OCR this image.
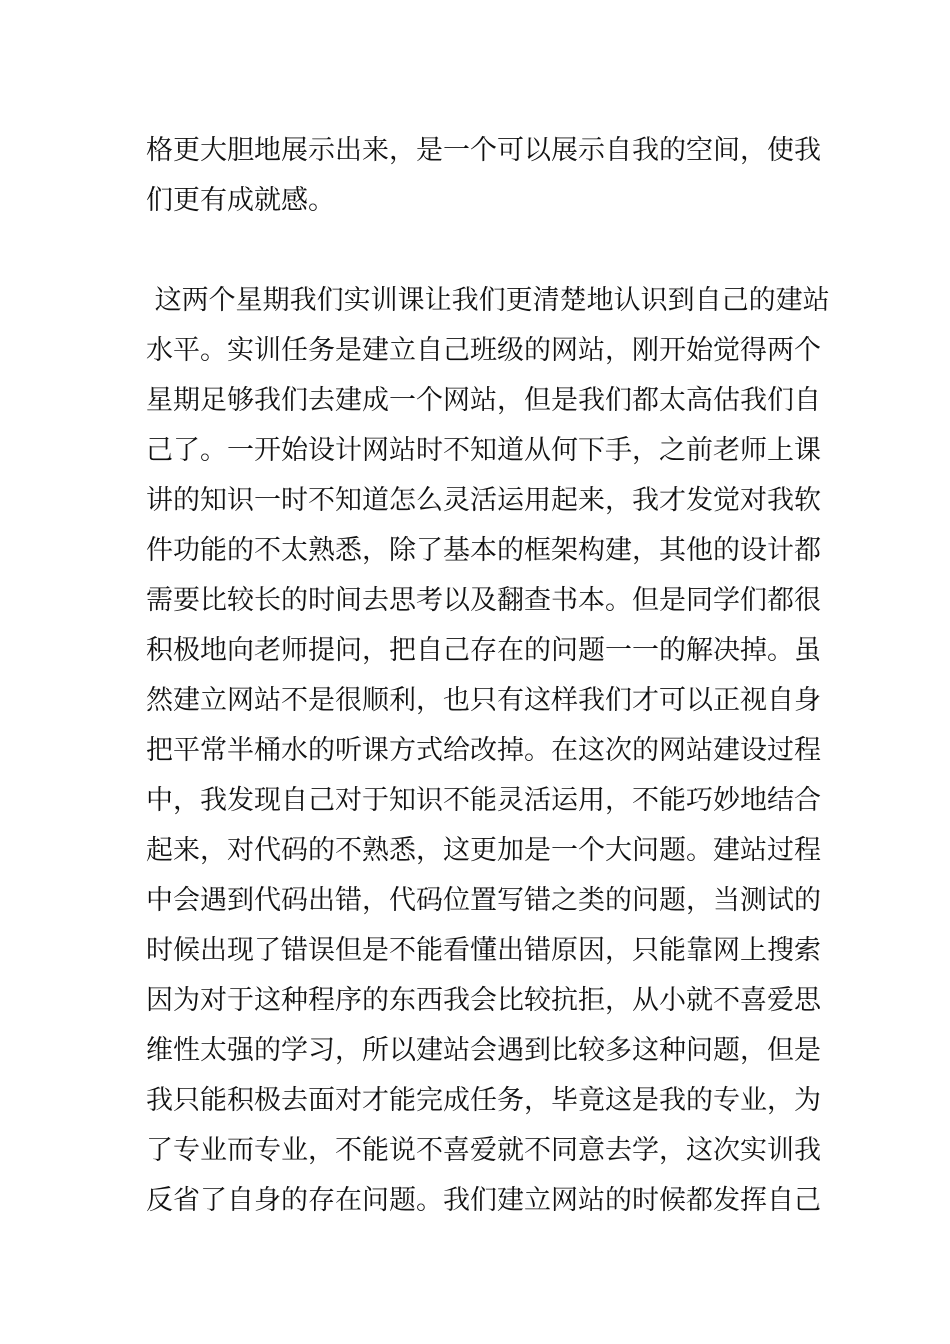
格更大胆地展示出来，是一个可以展示自我的空间，使我
们更有成就感。
这两个星期我们实训课让我们更清楚地认识到自己的建站
水平。实训任务是建立自己班级的网站，刚开始觉得两个
星期足够我们去建成一个网站，但是我们都太高估我们自
己了。一开始设计网站时不知道从何下手，之前老师上课
讲的知识一时不知道怎么灵活运用起来，我才发觉对我软
件功能的不太熟悉，除了基本的框架构建，其他的设计都
需要比较长的时间去思考以及翻查书本。但是同学们都很
积极地向老师提问，把自己存在的问题一一的解决掉。虽
然建立网站不是很顺利，也只有这样我们才可以正视自身
把平常半桶水的听课方式给改掉。在这次的网站建设过程
中，我发现自己对于知识不能灵活运用，不能巧妙地结合
起来，对代码的不熟悉，这更加是一个大问题。建站过程
中会遇到代码出错，代码位置写错之类的问题，当测试的
时候出现了错误但是不能看懂出错原因，只能靠网上搜索
因为对于这种程序的东西我会比较抗拒，从小就不喜爱思
维性太强的学习，所以建站会遇到比较多这种问题，但是
我只能积极去面对才能完成任务，毕竟这是我的专业，为
了专业而专业，不能说不喜爱就不同意去学，这次实训我
反省了自身的存在问题。我们建立网站的时候都发挥自己
